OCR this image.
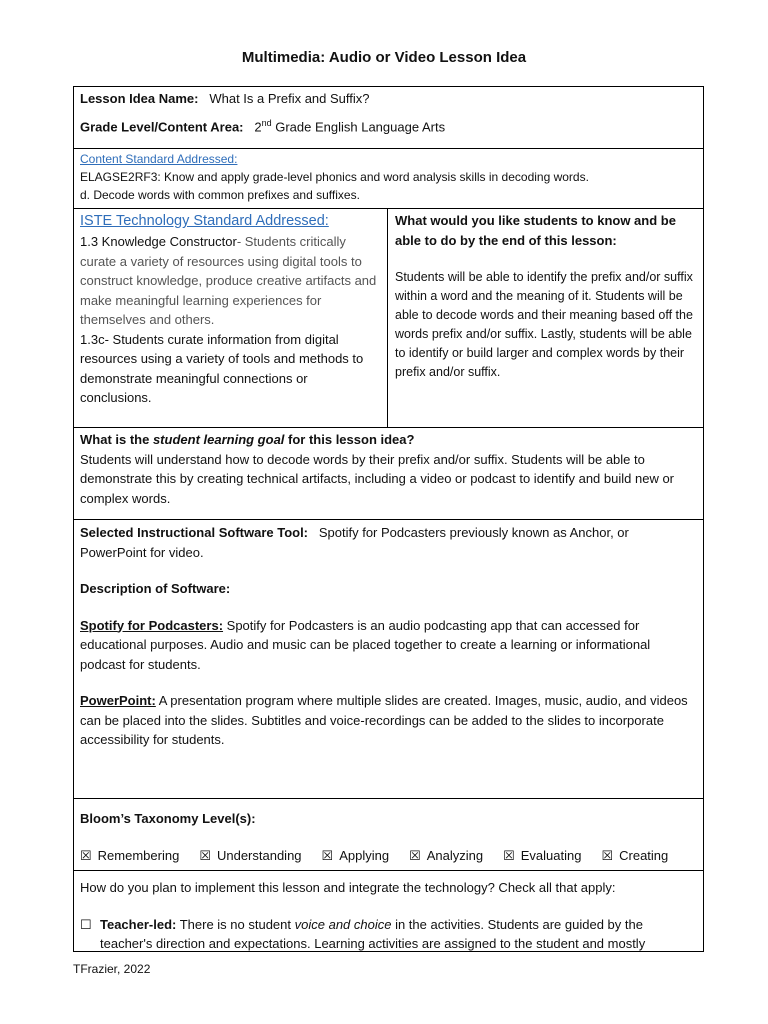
Multimedia: Audio or Video Lesson Idea
Lesson Idea Name: What Is a Prefix and Suffix?
Grade Level/Content Area: 2nd Grade English Language Arts
Content Standard Addressed:
ELAGSE2RF3: Know and apply grade-level phonics and word analysis skills in decoding words.
d. Decode words with common prefixes and suffixes.
ISTE Technology Standard Addressed:
1.3 Knowledge Constructor- Students critically curate a variety of resources using digital tools to construct knowledge, produce creative artifacts and make meaningful learning experiences for themselves and others.
1.3c- Students curate information from digital resources using a variety of tools and methods to demonstrate meaningful connections or conclusions.
What would you like students to know and be able to do by the end of this lesson:
Students will be able to identify the prefix and/or suffix within a word and the meaning of it. Students will be able to decode words and their meaning based off the words prefix and/or suffix. Lastly, students will be able to identify or build larger and complex words by their prefix and/or suffix.
What is the student learning goal for this lesson idea?
Students will understand how to decode words by their prefix and/or suffix. Students will be able to demonstrate this by creating technical artifacts, including a video or podcast to identify and build new or complex words.
Selected Instructional Software Tool: Spotify for Podcasters previously known as Anchor, or PowerPoint for video.
Description of Software:
Spotify for Podcasters: Spotify for Podcasters is an audio podcasting app that can accessed for educational purposes. Audio and music can be placed together to create a learning or informational podcast for students.
PowerPoint: A presentation program where multiple slides are created. Images, music, audio, and videos can be placed into the slides. Subtitles and voice-recordings can be added to the slides to incorporate accessibility for students.
Bloom’s Taxonomy Level(s):
☒ Remembering ☒ Understanding ☒ Applying ☒ Analyzing ☒ Evaluating ☒ Creating
How do you plan to implement this lesson and integrate the technology? Check all that apply:
☐ Teacher-led: There is no student voice and choice in the activities. Students are guided by the teacher's direction and expectations. Learning activities are assigned to the student and mostly
TFrazier, 2022
